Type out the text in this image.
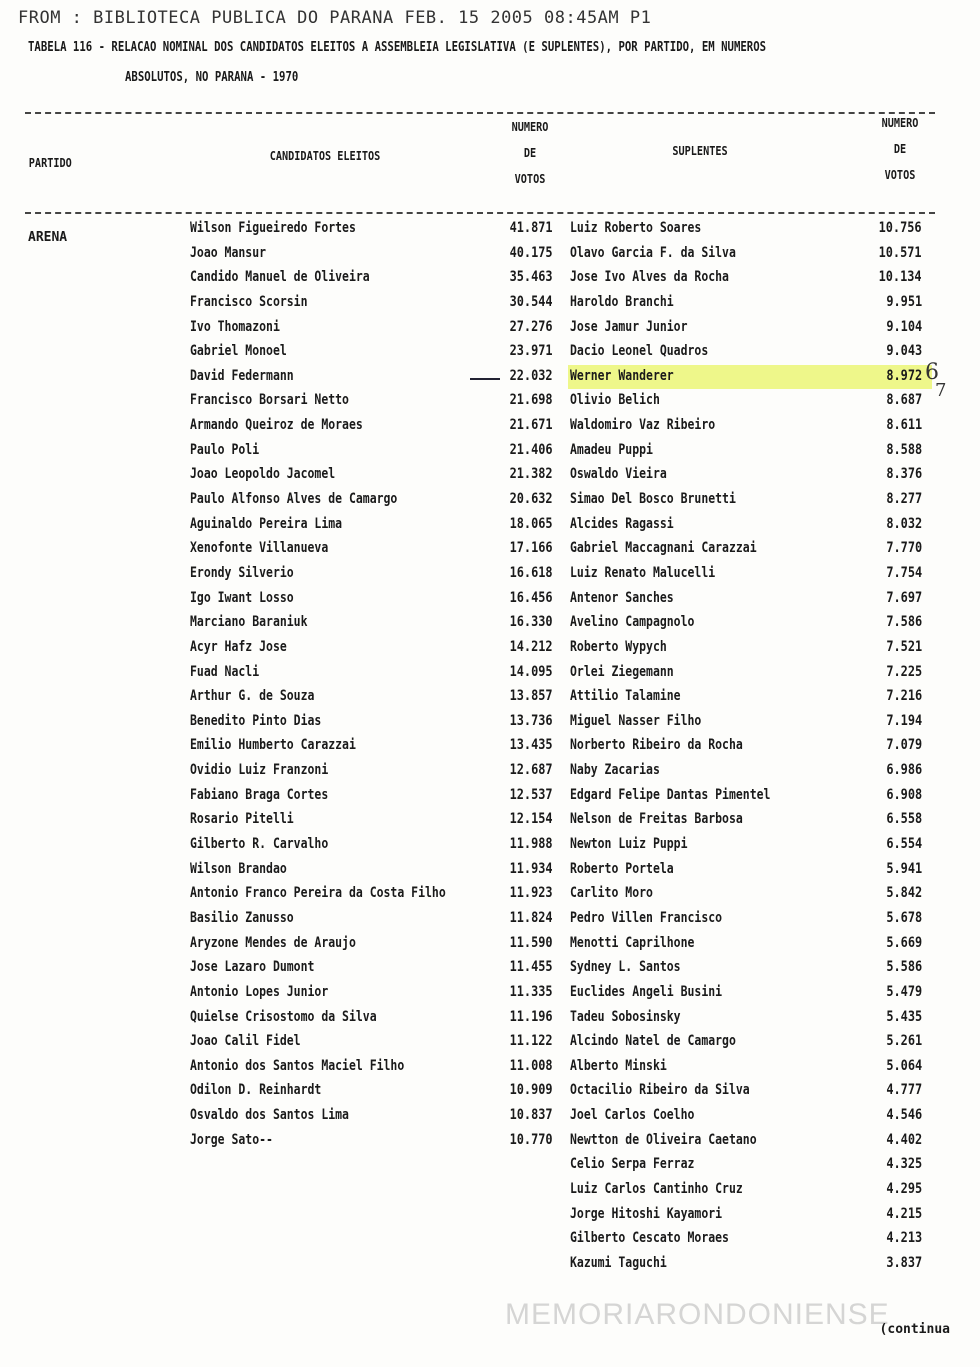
FROM : BIBLIOTECA PUBLICA DO PARANA FEB. 15 2005 08:45AM P1
TABELA 116 - RELACAO NOMINAL DOS CANDIDATOS ELEITOS A ASSEMBLEIA LEGISLATIVA (E SUPLENTES), POR PARTIDO, EM NUMEROS
ABSOLUTOS, NO PARANA - 1970
PARTIDO	CANDIDATOS ELEITOS
NUMERO
DE
VOTOS
SUPLENTES
NUMERO
DE
VOTOS
ARENA
Wilson Figueiredo Fortes	41.871 Luiz Roberto Soares	10.756
Joao Mansur	40.175 Olavo Garcia F. da Silva	10.571
Candido Manuel de Oliveira	35.463 Jose Ivo Alves da Rocha	10.134
Francisco Scorsin	30.544 Haroldo Branchi	9.951
Ivo Thomazoni	27.276 Jose Jamur Junior	9.104
Gabriel Monoel	23.971 Dacio Leonel Quadros	9.043
David Federmann	22.032 Werner Wanderer	8.972
Francisco Borsari Netto	21.698 Olivio Belich	8.687
Armando Queiroz de Moraes	21.671 Waldomiro Vaz Ribeiro	8.611
Paulo Poli	21.406 Amadeu Puppi	8.588
Joao Leopoldo Jacomel	21.382 Oswaldo Vieira	8.376
Paulo Alfonso Alves de Camargo	20.632 Simao Del Bosco Brunetti	8.277
Aguinaldo Pereira Lima	18.065 Alcides Ragassi	8.032
Xenofonte Villanueva	17.166 Gabriel Maccagnani Carazzai	7.770
Erondy Silverio	16.618 Luiz Renato Malucelli	7.754
Igo Iwant Losso	16.456 Antenor Sanches	7.697
Marciano Baraniuk	16.330 Avelino Campagnolo	7.586
Acyr Hafz Jose	14.212 Roberto Wypych	7.521
Fuad Nacli	14.095 Orlei Ziegemann	7.225
Arthur G. de Souza	13.857 Attilio Talamine	7.216
Benedito Pinto Dias	13.736 Miguel Nasser Filho	7.194
Emilio Humberto Carazzai	13.435 Norberto Ribeiro da Rocha	7.079
Ovidio Luiz Franzoni	12.687 Naby Zacarias	6.986
Fabiano Braga Cortes	12.537 Edgard Felipe Dantas Pimentel	6.908
Rosario Pitelli	12.154 Nelson de Freitas Barbosa	6.558
Gilberto R. Carvalho	11.988 Newton Luiz Puppi	6.554
Wilson Brandao	11.934 Roberto Portela	5.941
Antonio Franco Pereira da Costa Filho	11.923 Carlito Moro	5.842
Basilio Zanusso	11.824 Pedro Villen Francisco	5.678
Aryzone Mendes de Araujo	11.590 Menotti Caprilhone	5.669
Jose Lazaro Dumont	11.455 Sydney L. Santos	5.586
Antonio Lopes Junior	11.335 Euclides Angeli Busini	5.479
Quielse Crisostomo da Silva	11.196 Tadeu Sobosinsky	5.435
Joao Calil Fidel	11.122 Alcindo Natel de Camargo	5.261
Antonio dos Santos Maciel Filho	11.008 Alberto Minski	5.064
Odilon D. Reinhardt	10.909 Octacilio Ribeiro da Silva	4.777
Osvaldo dos Santos Lima	10.837 Joel Carlos Coelho	4.546
Jorge Sato--	10.770 Newtton de Oliveira Caetano	4.402
Celio Serpa Ferraz	4.325
Luiz Carlos Cantinho Cruz	4.295
Jorge Hitoshi Kayamori	4.215
Gilberto Cescato Moraes	4.213
Kazumi Taguchi	3.837
6
7
MEMORIARONDONIENSE
(continua
